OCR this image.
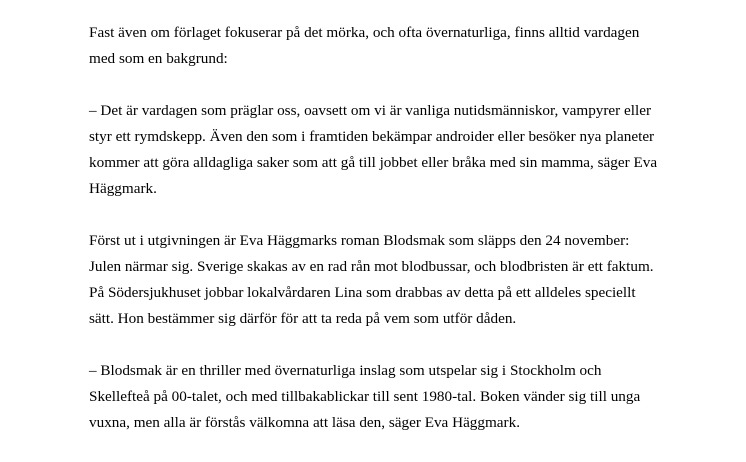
Fast även om förlaget fokuserar på det mörka, och ofta övernaturliga, finns alltid vardagen
med som en bakgrund:

– Det är vardagen som präglar oss, oavsett om vi är vanliga nutidsmänniskor, vampyrer eller
styr ett rymdskepp. Även den som i framtiden bekämpar androider eller besöker nya planeter
kommer att göra alldagliga saker som att gå till jobbet eller bråka med sin mamma, säger Eva
Häggmark.

Först ut i utgivningen är Eva Häggmarks roman Blodsmak som släpps den 24 november:
Julen närmar sig. Sverige skakas av en rad rån mot blodbussar, och blodbristen är ett faktum.
På Södersjukhuset jobbar lokalvårdaren Lina som drabbas av detta på ett alldeles speciellt
sätt. Hon bestämmer sig därför för att ta reda på vem som utför dåden.

– Blodsmak är en thriller med övernaturliga inslag som utspelar sig i Stockholm och
Skellefteå på 00-talet, och med tillbakablickar till sent 1980-tal. Boken vänder sig till unga
vuxna, men alla är förstås välkomna att läsa den, säger Eva Häggmark.
